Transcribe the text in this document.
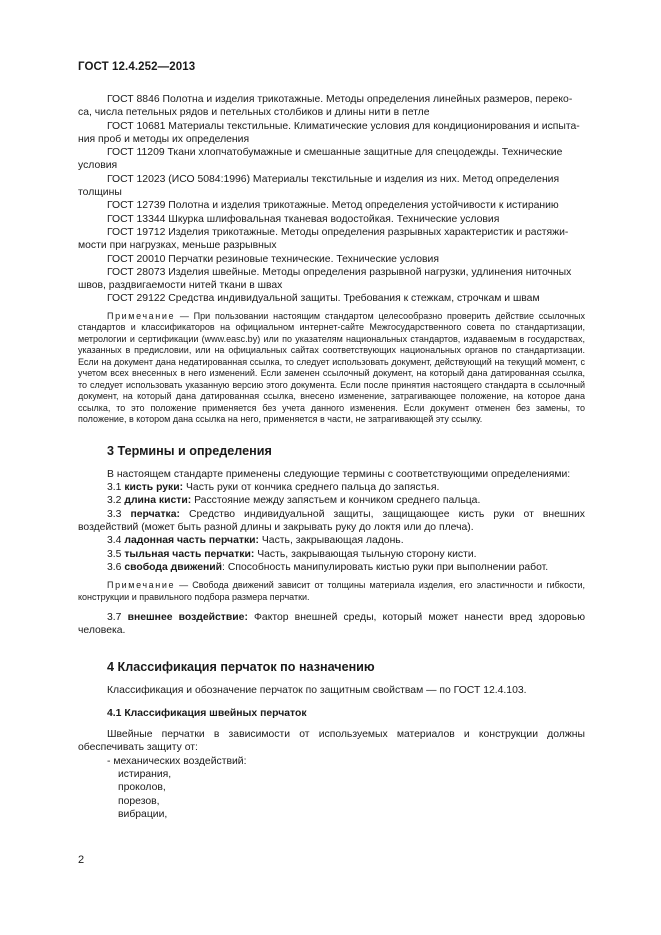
ГОСТ 12.4.252—2013

ГОСТ 8846 Полотна и изделия трикотажные. Методы определения линейных размеров, переко-
са, числа петельных рядов и петельных столбиков и длины нити в петле

ГОСТ 10681 Материалы текстильные. Климатические условия для кондиционирования и испыта-
ния проб и методы их определения

ГОСТ 11209 Ткани хлопчатобумажные и смешанные защитные для спецодежды. Технические
условия

ГОСТ 12023 (ИСО 5084:1996) Материалы текстильные и изделия из них. Метод определения
толщины

ГОСТ 12739 Полотна и изделия трикотажные. Метод определения устойчивости к истиранию

ГОСТ 13344 Шкурка шлифовальная тканевая водостойкая. Технические условия

ГОСТ 19712 Изделия трикотажные. Методы определения разрывных характеристик и растяжи-
мости при нагрузках, меньше разрывных

ГОСТ 20010 Перчатки резиновые технические. Технические условия

ГОСТ 28073 Изделия швейные. Методы определения разрывной нагрузки, удлинения ниточных
швов, раздвигаемости нитей ткани в швах

ГОСТ 29122 Средства индивидуальной защиты. Требования к стежкам, строчкам и швам

Примечание — При пользовании настоящим стандартом целесообразно проверить действие ссылочных стандартов и классификаторов на официальном интернет-сайте Межгосударственного совета по стандартизации, метрологии и сертификации (www.easc.by) или по указателям национальных стандартов, издаваемым в государствах, указанных в предисловии, или на официальных сайтах соответствующих национальных органов по стандартизации. Если на документ дана недатированная ссылка, то следует использовать документ, действующий на текущий момент, с учетом всех внесенных в него изменений. Если заменен ссылочный документ, на который дана датированная ссылка, то следует использовать указанную версию этого документа. Если после принятия настоящего стандарта в ссылочный документ, на который дана датированная ссылка, внесено изменение, затрагивающее положение, на которое дана ссылка, то это положение применяется без учета данного изменения. Если документ отменен без замены, то положение, в котором дана ссылка на него, применяется в части, не затрагивающей эту ссылку.

3 Термины и определения

В настоящем стандарте применены следующие термины с соответствующими определениями:

3.1 кисть руки: Часть руки от кончика среднего пальца до запястья.

3.2 длина кисти: Расстояние между запястьем и кончиком среднего пальца.

3.3 перчатка: Средство индивидуальной защиты, защищающее кисть руки от внешних воздействий (может быть разной длины и закрывать руку до локтя или до плеча).

3.4 ладонная часть перчатки: Часть, закрывающая ладонь.

3.5 тыльная часть перчатки: Часть, закрывающая тыльную сторону кисти.

3.6 свобода движений: Способность манипулировать кистью руки при выполнении работ.

Примечание — Свобода движений зависит от толщины материала изделия, его эластичности и гибкости, конструкции и правильного подбора размера перчатки.

3.7 внешнее воздействие: Фактор внешней среды, который может нанести вред здоровью человека.

4 Классификация перчаток по назначению

Классификация и обозначение перчаток по защитным свойствам — по ГОСТ 12.4.103.

4.1 Классификация швейных перчаток

Швейные перчатки в зависимости от используемых материалов и конструкции должны обеспечивать защиту от:

- механических воздействий:

истирания,

проколов,

порезов,

вибрации,

2
